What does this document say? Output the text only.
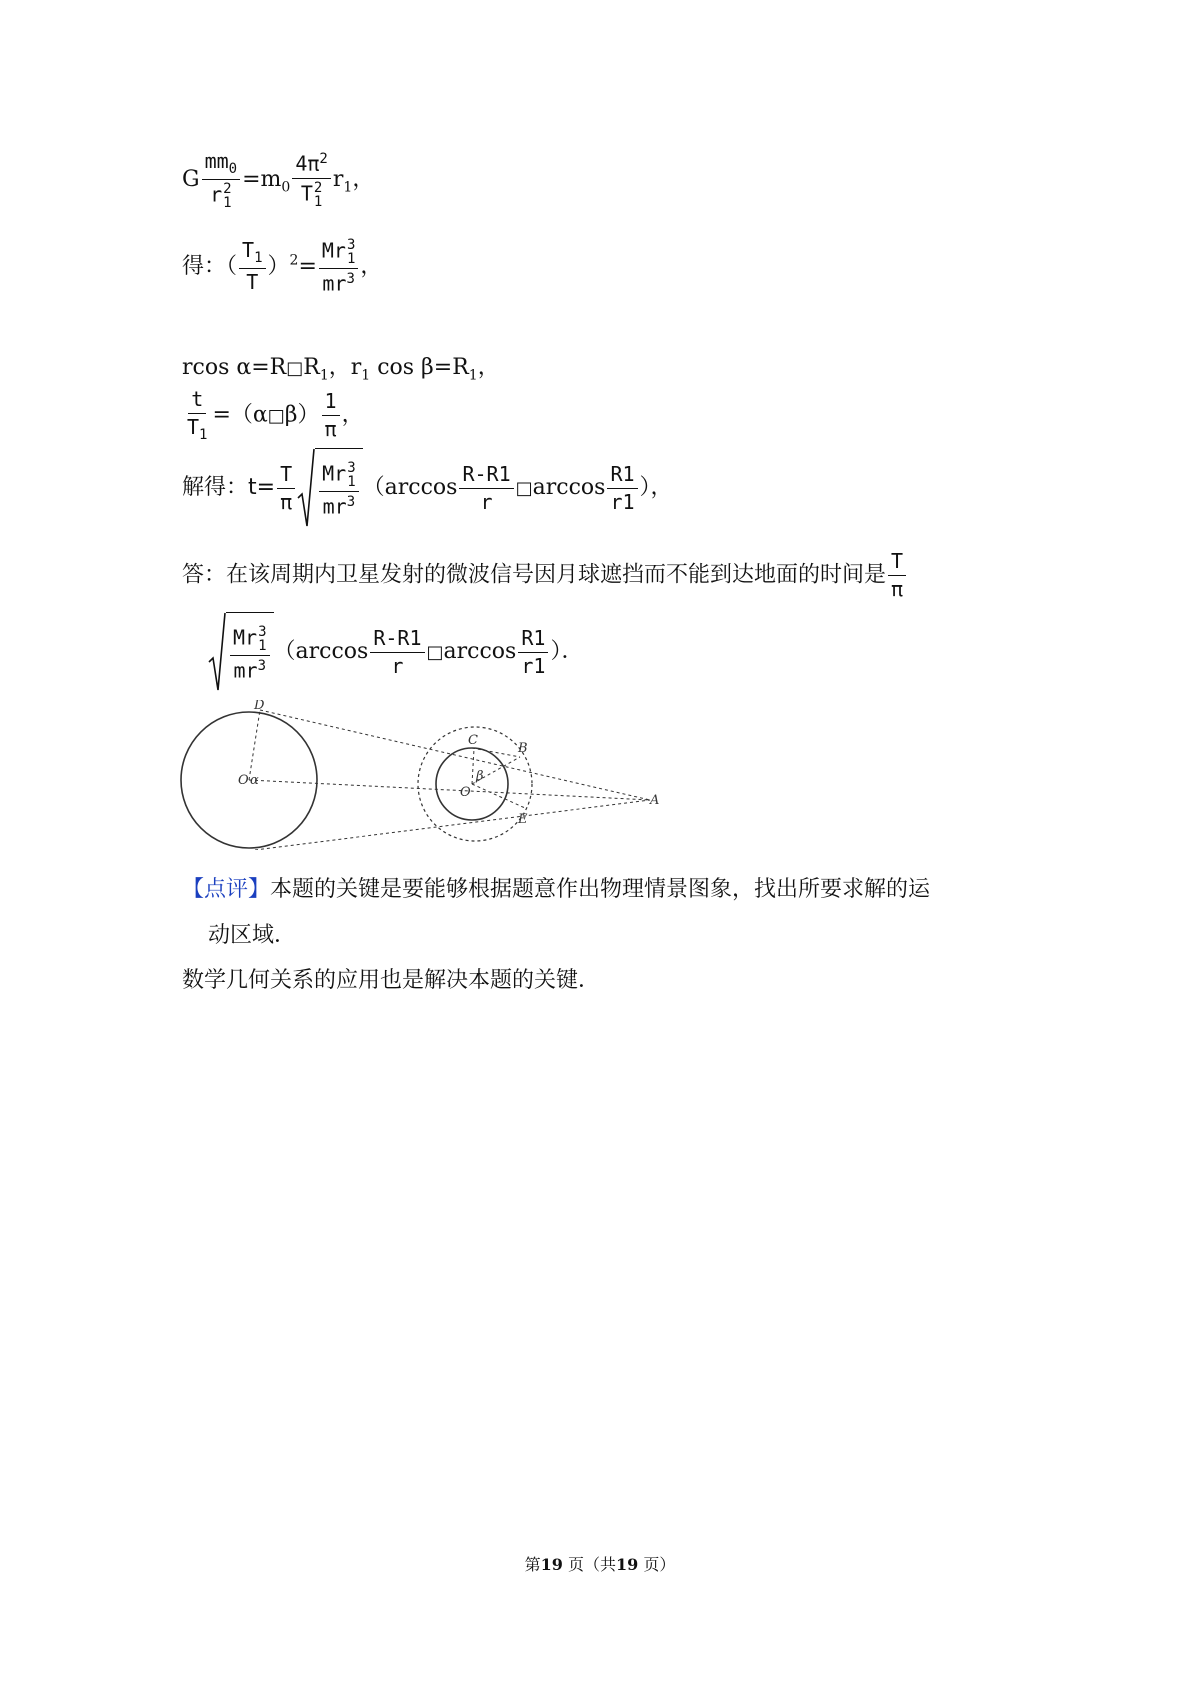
G $mm_0$
r 2
$1 =m_0$ $4\pi^2$
T 2
1 $r_1$，
得：（ $\frac{T_1}{T} )^2= Mr$ 3
1
$mr^3$ ，
rcos $\alpha=R□R_1$，$r_1$ $\cos \beta=R_1$，
$\frac{t}{T_1}$ =（α□β） $\frac{1}{\pi}$ ，
解得：$t= \frac{T}{\pi}$ Mr 3
1
$mr^3$ （$\arccos \frac{R-R1}{r}$ □arccos $\frac{R1}{r1}$ ），
答：在该周期内卫星发射的微波信号因月球遮挡而不能到达地面的时间是 $\frac{T}{\pi}$
Mr 3
1
$mr^3$ （$\arccos \frac{R-R1}{r}$ □arccos $\frac{R1}{r1}$ ）．
D
C
B
A
E
O α
O
β
【点评】本题的关键是要能够根据题意作出物理情景图象，找出所要求解的运
动区域．
数学几何关系的应用也是解决本题的关键．
第19 页（共19 页）
